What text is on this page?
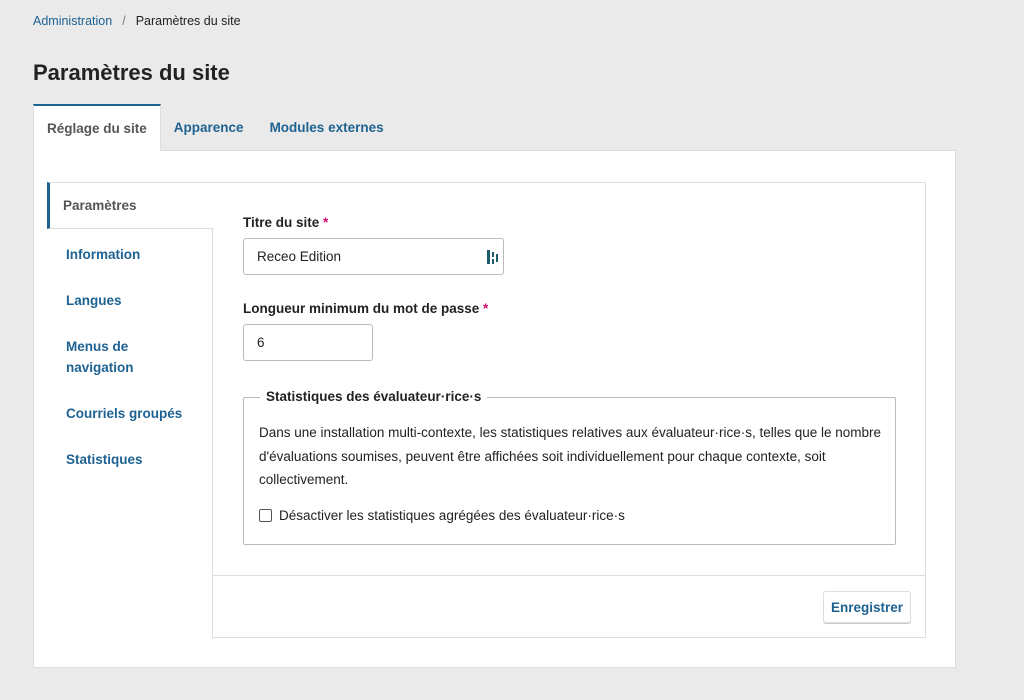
Administration / Paramètres du site
Paramètres du site
Réglage du site	Apparence	Modules externes
Paramètres
Information
Langues
Menus de navigation
Courriels groupés
Statistiques
Titre du site *
Receo Edition
Longueur minimum du mot de passe *
6
Statistiques des évaluateur·rice·s

Dans une installation multi-contexte, les statistiques relatives aux évaluateur·rice·s, telles que le nombre d'évaluations soumises, peuvent être affichées soit individuellement pour chaque contexte, soit collectivement.

Désactiver les statistiques agrégées des évaluateur·rice·s
Enregistrer
